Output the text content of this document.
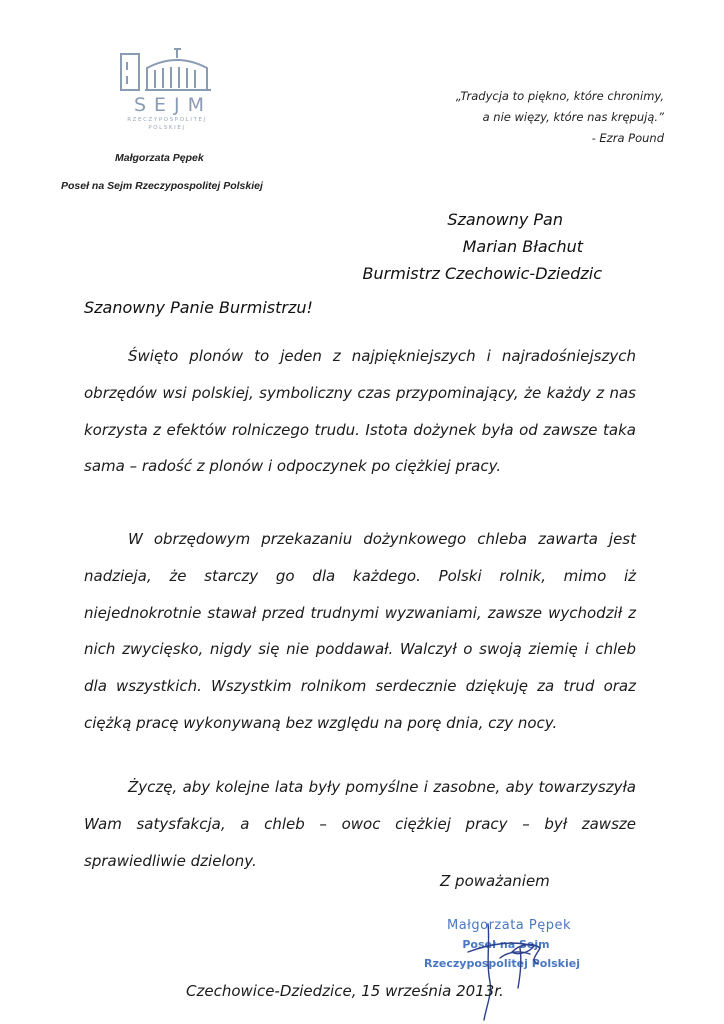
SEJM
RZECZYPOSPOLITEJ
POLSKIEJ
Małgorzata Pępek
Poseł na Sejm Rzeczypospolitej Polskiej
„Tradycja to piękno, które chronimy,
a nie więzy, które nas krępują.”
- Ezra Pound
Szanowny Pan
Marian Błachut
Burmistrz Czechowic-Dziedzic
Szanowny Panie Burmistrzu!
Święto plonów to jeden z najpiękniejszych i najradośniejszych obrzędów wsi polskiej, symboliczny czas przypominający, że każdy z nas korzysta z efektów rolniczego trudu. Istota dożynek była od zawsze taka sama – radość z plonów i odpoczynek po ciężkiej pracy.
W obrzędowym przekazaniu dożynkowego chleba zawarta jest nadzieja, że starczy go dla każdego. Polski rolnik, mimo iż niejednokrotnie stawał przed trudnymi wyzwaniami, zawsze wychodził z nich zwycięsko, nigdy się nie poddawał. Walczył o swoją ziemię i chleb dla wszystkich. Wszystkim rolnikom serdecznie dziękuję za trud oraz ciężką pracę wykonywaną bez względu na porę dnia, czy nocy.
Życzę, aby kolejne lata były pomyślne i zasobne, aby towarzyszyła Wam satysfakcja, a chleb – owoc ciężkiej pracy – był zawsze sprawiedliwie dzielony.
Z poważaniem
Małgorzata Pępek
Poseł na Sejm
Rzeczypospolitej Polskiej
Czechowice-Dziedzice, 15 września 2013r.
